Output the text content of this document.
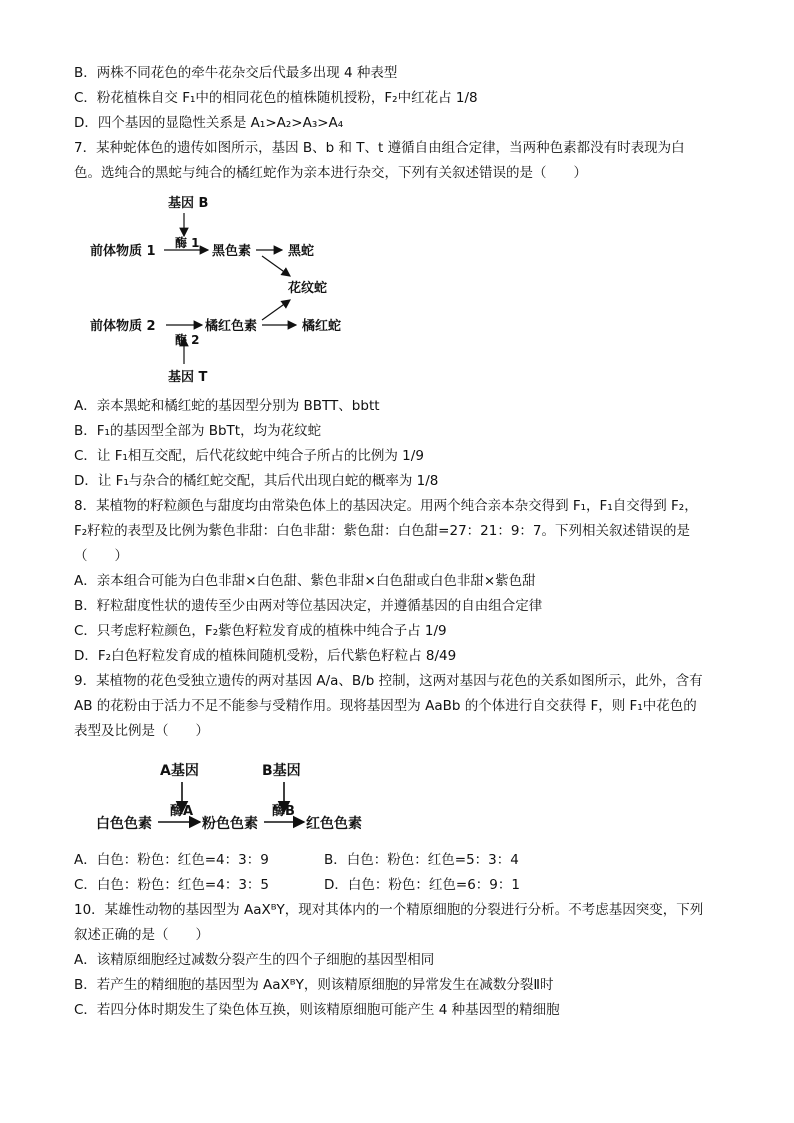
B．两株不同花色的牵牛花杂交后代最多出现 4 种表型
C．粉花植株自交 F₁中的相同花色的植株随机授粉，F₂中红花占 1/8
D．四个基因的显隐性关系是 A₁>A₂>A₃>A₄
7．某种蛇体色的遗传如图所示，基因 B、b 和 T、t 遵循自由组合定律，当两种色素都没有时表现为白
色。选纯合的黑蛇与纯合的橘红蛇作为亲本进行杂交，下列有关叙述错误的是（　　）
基因 B
酶 1
前体物质 1	黑色素	黑蛇
花纹蛇
前体物质 2	橘红色素	橘红蛇
酶 2
基因 T
A．亲本黑蛇和橘红蛇的基因型分别为 BBTT、bbtt
B．F₁的基因型全部为 BbTt，均为花纹蛇
C．让 F₁相互交配，后代花纹蛇中纯合子所占的比例为 1/9
D．让 F₁与杂合的橘红蛇交配，其后代出现白蛇的概率为 1/8
8．某植物的籽粒颜色与甜度均由常染色体上的基因决定。用两个纯合亲本杂交得到 F₁，F₁自交得到 F₂，
F₂籽粒的表型及比例为紫色非甜：白色非甜：紫色甜：白色甜=27：21：9：7。下列相关叙述错误的是
（　　）
A．亲本组合可能为白色非甜×白色甜、紫色非甜×白色甜或白色非甜×紫色甜
B．籽粒甜度性状的遗传至少由两对等位基因决定，并遵循基因的自由组合定律
C．只考虑籽粒颜色，F₂紫色籽粒发育成的植株中纯合子占 1/9
D．F₂白色籽粒发育成的植株间随机受粉，后代紫色籽粒占 8/49
9．某植物的花色受独立遗传的两对基因 A/a、B/b 控制，这两对基因与花色的关系如图所示，此外，含有
AB 的花粉由于活力不足不能参与受精作用。现将基因型为 AaBb 的个体进行自交获得 F，则 F₁中花色的
表型及比例是（　　）
A基因
酶A
B基因
酶B
白色色素	粉色色素	红色色素
A．白色：粉色：红色=4：3：9	B．白色：粉色：红色=5：3：4
C．白色：粉色：红色=4：3：5	D．白色：粉色：红色=6：9：1
10．某雄性动物的基因型为 AaXᴮY，现对其体内的一个精原细胞的分裂进行分析。不考虑基因突变，下列
叙述正确的是（　　）
A．该精原细胞经过减数分裂产生的四个子细胞的基因型相同
B．若产生的精细胞的基因型为 AaXᴮY，则该精原细胞的异常发生在减数分裂Ⅱ时
C．若四分体时期发生了染色体互换，则该精原细胞可能产生 4 种基因型的精细胞
